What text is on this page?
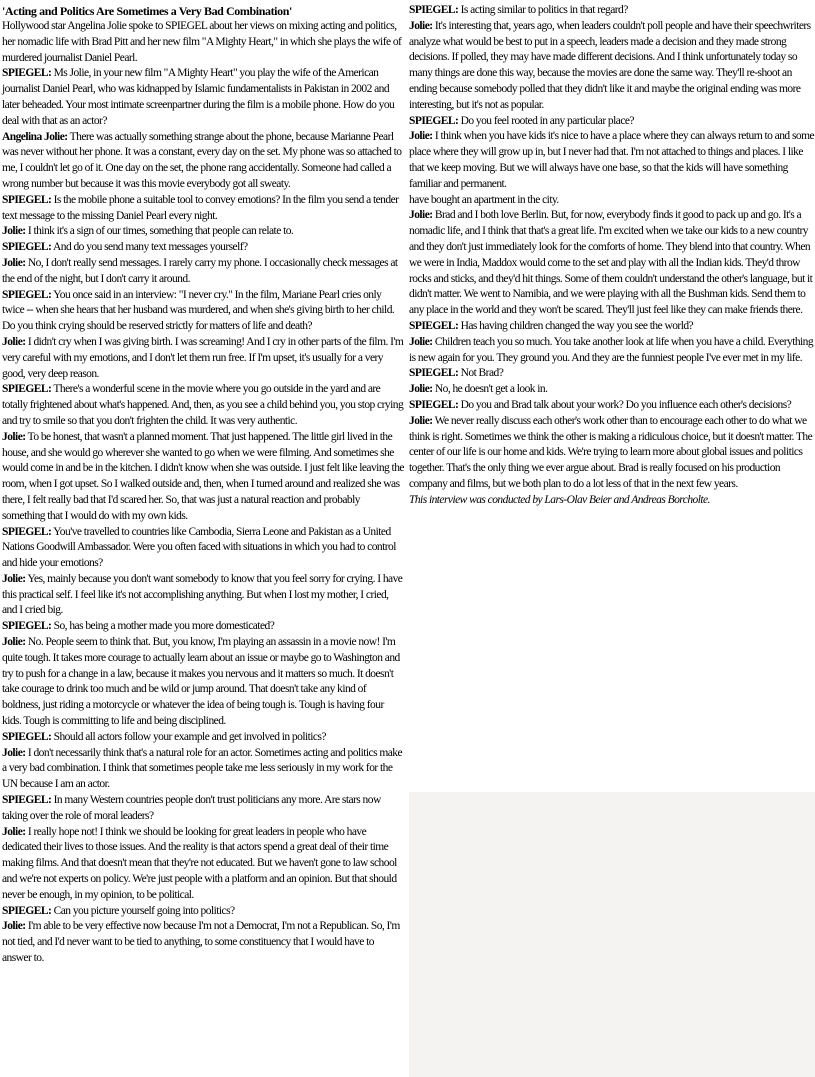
'Acting and Politics Are Sometimes a Very Bad Combination'

Hollywood star Angelina Jolie spoke to SPIEGEL about her views on mixing acting and politics, her nomadic life with Brad Pitt and her new film "A Mighty Heart," in which she plays the wife of murdered journalist Daniel Pearl.

SPIEGEL: Ms Jolie, in your new film "A Mighty Heart" you play the wife of the American journalist Daniel Pearl, who was kidnapped by Islamic fundamentalists in Pakistan in 2002 and later beheaded. Your most intimate screenpartner during the film is a mobile phone. How do you deal with that as an actor?

Angelina Jolie: There was actually something strange about the phone, because Marianne Pearl was never without her phone. It was a constant, every day on the set. My phone was so attached to me, I couldn't let go of it. One day on the set, the phone rang accidentally. Someone had called a wrong number but because it was this movie everybody got all sweaty.

SPIEGEL: Is the mobile phone a suitable tool to convey emotions? In the film you send a tender text message to the missing Daniel Pearl every night.

Jolie: I think it's a sign of our times, something that people can relate to.

SPIEGEL: And do you send many text messages yourself?

Jolie: No, I don't really send messages. I rarely carry my phone. I occasionally check messages at the end of the night, but I don't carry it around.

SPIEGEL: You once said in an interview: "I never cry." In the film, Mariane Pearl cries only twice -- when she hears that her husband was murdered, and when she's giving birth to her child. Do you think crying should be reserved strictly for matters of life and death?

Jolie: I didn't cry when I was giving birth. I was screaming! And I cry in other parts of the film. I'm very careful with my emotions, and I don't let them run free. If I'm upset, it's usually for a very good, very deep reason.

SPIEGEL: There's a wonderful scene in the movie where you go outside in the yard and are totally frightened about what's happened. And, then, as you see a child behind you, you stop crying and try to smile so that you don't frighten the child. It was very authentic.

Jolie: To be honest, that wasn't a planned moment. That just happened. The little girl lived in the house, and she would go wherever she wanted to go when we were filming. And sometimes she would come in and be in the kitchen. I didn't know when she was outside. I just felt like leaving the room, when I got upset. So I walked outside and, then, when I turned around and realized she was there, I felt really bad that I'd scared her. So, that was just a natural reaction and probably something that I would do with my own kids.

SPIEGEL: You've travelled to countries like Cambodia, Sierra Leone and Pakistan as a United Nations Goodwill Ambassador. Were you often faced with situations in which you had to control and hide your emotions?

Jolie: Yes, mainly because you don't want somebody to know that you feel sorry for crying. I have this practical self. I feel like it's not accomplishing anything. But when I lost my mother, I cried, and I cried big.

SPIEGEL: So, has being a mother made you more domesticated?

Jolie: No. People seem to think that. But, you know, I'm playing an assassin in a movie now! I'm quite tough. It takes more courage to actually learn about an issue or maybe go to Washington and try to push for a change in a law, because it makes you nervous and it matters so much. It doesn't take courage to drink too much and be wild or jump around. That doesn't take any kind of boldness, just riding a motorcycle or whatever the idea of being tough is. Tough is having four kids. Tough is committing to life and being disciplined.

SPIEGEL: Should all actors follow your example and get involved in politics?

Jolie: I don't necessarily think that's a natural role for an actor. Sometimes acting and politics make a very bad combination. I think that sometimes people take me less seriously in my work for the UN because I am an actor.

SPIEGEL: In many Western countries people don't trust politicians any more. Are stars now taking over the role of moral leaders?

Jolie: I really hope not! I think we should be looking for great leaders in people who have dedicated their lives to those issues. And the reality is that actors spend a great deal of their time making films. And that doesn't mean that they're not educated. But we haven't gone to law school and we're not experts on policy. We're just people with a platform and an opinion. But that should never be enough, in my opinion, to be political.

SPIEGEL: Can you picture yourself going into politics?

Jolie: I'm able to be very effective now because I'm not a Democrat, I'm not a Republican. So, I'm not tied, and I'd never want to be tied to anything, to some constituency that I would have to answer to.

SPIEGEL: Is acting similar to politics in that regard?

Jolie: It's interesting that, years ago, when leaders couldn't poll people and have their speechwriters analyze what would be best to put in a speech, leaders made a decision and they made strong decisions. If polled, they may have made different decisions. And I think unfortunately today so many things are done this way, because the movies are done the same way. They'll re-shoot an ending because somebody polled that they didn't like it and maybe the original ending was more interesting, but it's not as popular.

SPIEGEL: Do you feel rooted in any particular place?

Jolie: I think when you have kids it's nice to have a place where they can always return to and some place where they will grow up in, but I never had that. I'm not attached to things and places. I like that we keep moving. But we will always have one base, so that the kids will have something familiar and permanent.

have bought an apartment in the city.

Jolie: Brad and I both love Berlin. But, for now, everybody finds it good to pack up and go. It's a nomadic life, and I think that that's a great life. I'm excited when we take our kids to a new country and they don't just immediately look for the comforts of home. They blend into that country. When we were in India, Maddox would come to the set and play with all the Indian kids. They'd throw rocks and sticks, and they'd hit things. Some of them couldn't understand the other's language, but it didn't matter. We went to Namibia, and we were playing with all the Bushman kids. Send them to any place in the world and they won't be scared. They'll just feel like they can make friends there.

SPIEGEL: Has having children changed the way you see the world?

Jolie: Children teach you so much. You take another look at life when you have a child. Everything is new again for you. They ground you. And they are the funniest people I've ever met in my life.

SPIEGEL: Not Brad?

Jolie: No, he doesn't get a look in.

SPIEGEL: Do you and Brad talk about your work? Do you influence each other's decisions?

Jolie: We never really discuss each other's work other than to encourage each other to do what we think is right. Sometimes we think the other is making a ridiculous choice, but it doesn't matter. The center of our life is our home and kids. We're trying to learn more about global issues and politics together. That's the only thing we ever argue about. Brad is really focused on his production company and films, but we both plan to do a lot less of that in the next few years.

This interview was conducted by Lars-Olav Beier and Andreas Borcholte.
